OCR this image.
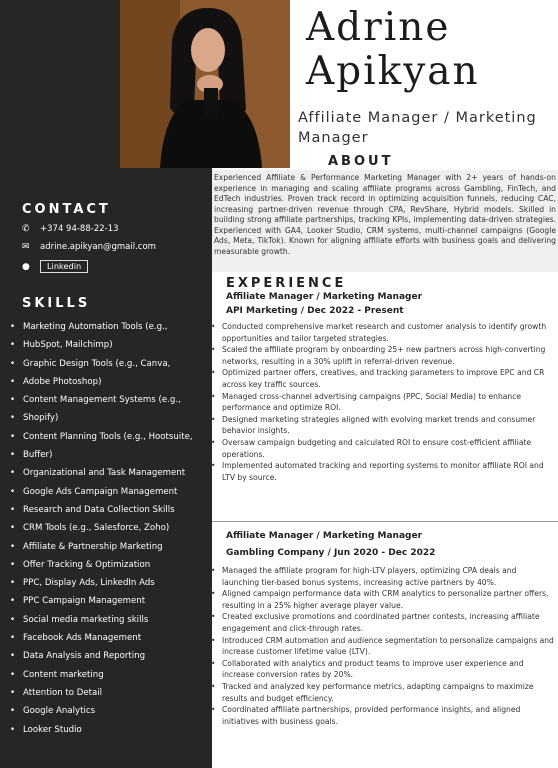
Adrine
Apikyan
Affiliate Manager / Marketing Manager
ABOUT
Experienced Affiliate & Performance Marketing Manager with 2+ years of hands-on experience in managing and scaling affiliate programs across Gambling, FinTech, and EdTech industries. Proven track record in optimizing acquisition funnels, reducing CAC, increasing partner-driven revenue through CPA, RevShare, Hybrid models. Skilled in building strong affiliate partnerships, tracking KPIs, implementing data-driven strategies. Experienced with GA4, Looker Studio, CRM systems, multi-channel campaigns (Google Ads, Meta, TikTok). Known for aligning affiliate efforts with business goals and delivering measurable growth.
CONTACT
✆	+374 94-88-22-13
✉	adrine.apikyan@gmail.com
●	Linkedin
SKILLS
• Marketing Automation Tools (e.g.,
• HubSpot, Mailchimp)
• Graphic Design Tools (e.g., Canva,
• Adobe Photoshop)
• Content Management Systems (e.g.,
• Shopify)
• Content Planning Tools (e.g., Hootsuite,
• Buffer)
• Organizational and Task Management
• Google Ads Campaign Management
• Research and Data Collection Skills
• CRM Tools (e.g., Salesforce, Zoho)
• Affiliate & Partnership Marketing
• Offer Tracking & Optimization
• PPC, Display Ads, LinkedIn Ads
• PPC Campaign Management
• Social media marketing skills
• Facebook Ads Management
• Data Analysis and Reporting
• Content marketing
• Attention to Detail
• Google Analytics
• Looker Studio
EXPERIENCE
Affiliate Manager / Marketing Manager
API Marketing / Dec 2022 - Present
• Conducted comprehensive market research and customer analysis to identify growth opportunities and tailor targeted strategies.
• Scaled the affiliate program by onboarding 25+ new partners across high-converting networks, resulting in a 30% uplift in referral-driven revenue.
• Optimized partner offers, creatives, and tracking parameters to improve EPC and CR across key traffic sources.
• Managed cross-channel advertising campaigns (PPC, Social Media) to enhance performance and optimize ROI.
• Designed marketing strategies aligned with evolving market trends and consumer behavior insights.
• Oversaw campaign budgeting and calculated ROI to ensure cost-efficient affiliate operations.
• Implemented automated tracking and reporting systems to monitor affiliate ROI and LTV by source.
Affiliate Manager / Marketing Manager
Gambling Company / Jun 2020 - Dec 2022
• Managed the affiliate program for high-LTV players, optimizing CPA deals and launching tier-based bonus systems, increasing active partners by 40%.
• Aligned campaign performance data with CRM analytics to personalize partner offers, resulting in a 25% higher average player value.
• Created exclusive promotions and coordinated partner contests, increasing affiliate engagement and click-through rates.
• Introduced CRM automation and audience segmentation to personalize campaigns and increase customer lifetime value (LTV).
• Collaborated with analytics and product teams to improve user experience and increase conversion rates by 20%.
• Tracked and analyzed key performance metrics, adapting campaigns to maximize results and budget efficiency.
• Coordinated affiliate partnerships, provided performance insights, and aligned initiatives with business goals.
